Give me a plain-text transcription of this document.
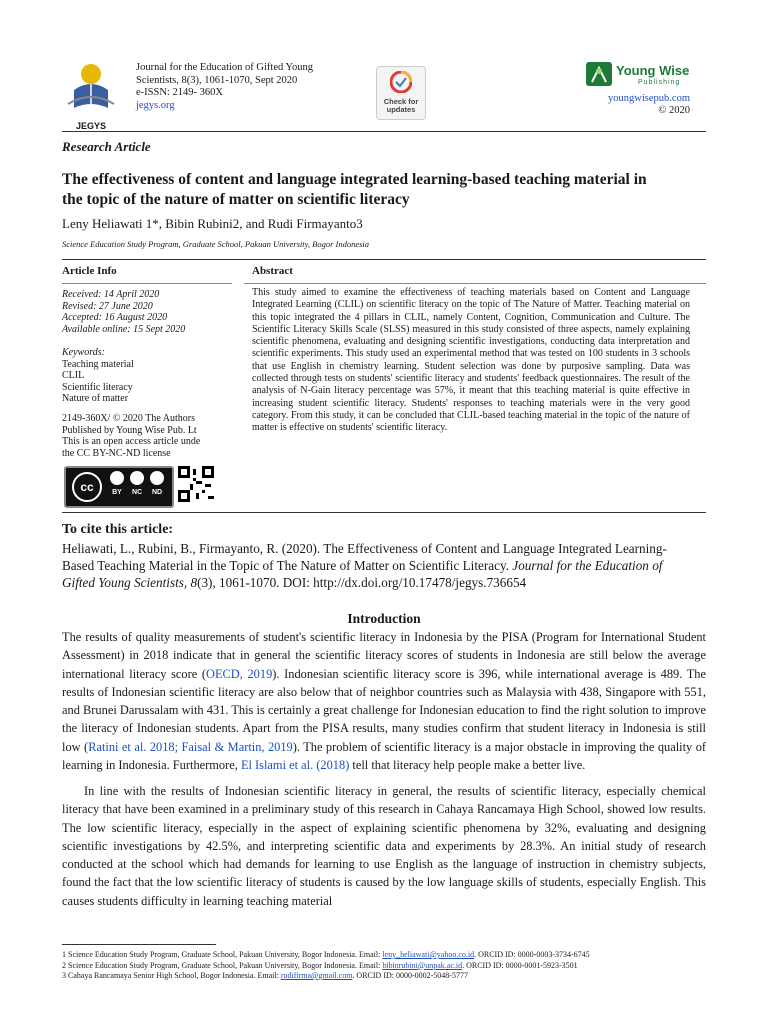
JEGYS
Journal for the Education of Gifted Young
Scientists, 8(3), 1061-1070, Sept 2020
e-ISSN: 2149- 360X
jegys.org	Check for
updates
Young Wise
Publishing
youngwisepub.com
© 2020
Research Article
The effectiveness of content and language integrated learning-based teaching material in the topic of the nature of matter on scientific literacy
Leny Heliawati 1*, Bibin Rubini2, and Rudi Firmayanto3
Science Education Study Program, Graduate School, Pakuan University, Bogor Indonesia
Article Info
Received: 14 April 2020
Revised: 27 June 2020
Accepted: 16 August 2020
Available online: 15 Sept 2020
Keywords:
Teaching material
CLIL
Scientific literacy
Nature of matter
2149-360X/ © 2020 The Authors
Published by Young Wise Pub. Lt
This is an open access article unde
the CC BY-NC-ND license
cc	BY	NC	ND
Abstract
This study aimed to examine the effectiveness of teaching materials based on Content and Language Integrated Learning (CLIL) on scientific literacy on the topic of The Nature of Matter. Teaching material on this topic integrated the 4 pillars in CLIL, namely Content, Cognition, Communication and Culture. The Scientific Literacy Skills Scale (SLSS) measured in this study consisted of three aspects, namely explaining scientific phenomena, evaluating and designing scientific investigations, conducting data interpretation and scientific experiments. This study used an experimental method that was tested on 100 students in 3 schools that use English in chemistry learning. Student selection was done by purposive sampling. Data was collected through tests on students' scientific literacy and students' feedback questionnaires. The result of the analysis of N-Gain literacy percentage was 57%, it meant that this teaching material is quite effective in increasing student scientific literacy. Students' responses to teaching materials were in the very good category. From this study, it can be concluded that CLIL-based teaching material in the topic of the nature of matter is effective on students' scientific literacy.
To cite this article:
Heliawati, L., Rubini, B., Firmayanto, R. (2020). The Effectiveness of Content and Language Integrated Learning-Based Teaching Material in the Topic of The Nature of Matter on Scientific Literacy. Journal for the Education of Gifted Young Scientists, 8(3), 1061-1070. DOI: http://dx.doi.org/10.17478/jegys.736654
Introduction
The results of quality measurements of student's scientific literacy in Indonesia by the PISA (Program for International Student Assessment) in 2018 indicate that in general the scientific literacy scores of students in Indonesia are still below the average international literacy score (OECD, 2019). Indonesian scientific literacy score is 396, while international average is 489. The results of Indonesian scientific literacy are also below that of neighbor countries such as Malaysia with 438, Singapore with 551, and Brunei Darussalam with 431. This is certainly a great challenge for Indonesian education to find the right solution to improve the literacy of Indonesian students. Apart from the PISA results, many studies confirm that student literacy in Indonesia is still low (Ratini et al. 2018; Faisal & Martin, 2019). The problem of scientific literacy is a major obstacle in improving the quality of learning in Indonesia. Furthermore, El Islami et al. (2018) tell that literacy help people make a better live.
In line with the results of Indonesian scientific literacy in general, the results of scientific literacy, especially chemical literacy that have been examined in a preliminary study of this research in Cahaya Rancamaya High School, showed low results. The low scientific literacy, especially in the aspect of explaining scientific phenomena by 32%, evaluating and designing scientific investigations by 42.5%, and interpreting scientific data and experiments by 28.3%. An initial study of research conducted at the school which had demands for learning to use English as the language of instruction in chemistry subjects, found the fact that the low scientific literacy of students is caused by the low language skills of students, especially English. This causes students difficulty in learning teaching material
1 Science Education Study Program, Graduate School, Pakuan University, Bogor Indonesia. Email: leny_heliawati@yahoo.co.id. ORCID ID: 0000-0003-3734-6745
2 Science Education Study Program, Graduate School, Pakuan University, Bogor Indonesia. Email: bibinrubini@unpak.ac.id. ORCID ID: 0000-0001-5923-3501
3 Cahaya Rancamaya Senior High School, Bogor Indonesia. Email: rudifirma@gmail.com. ORCID ID: 0000-0002-5048-5777
